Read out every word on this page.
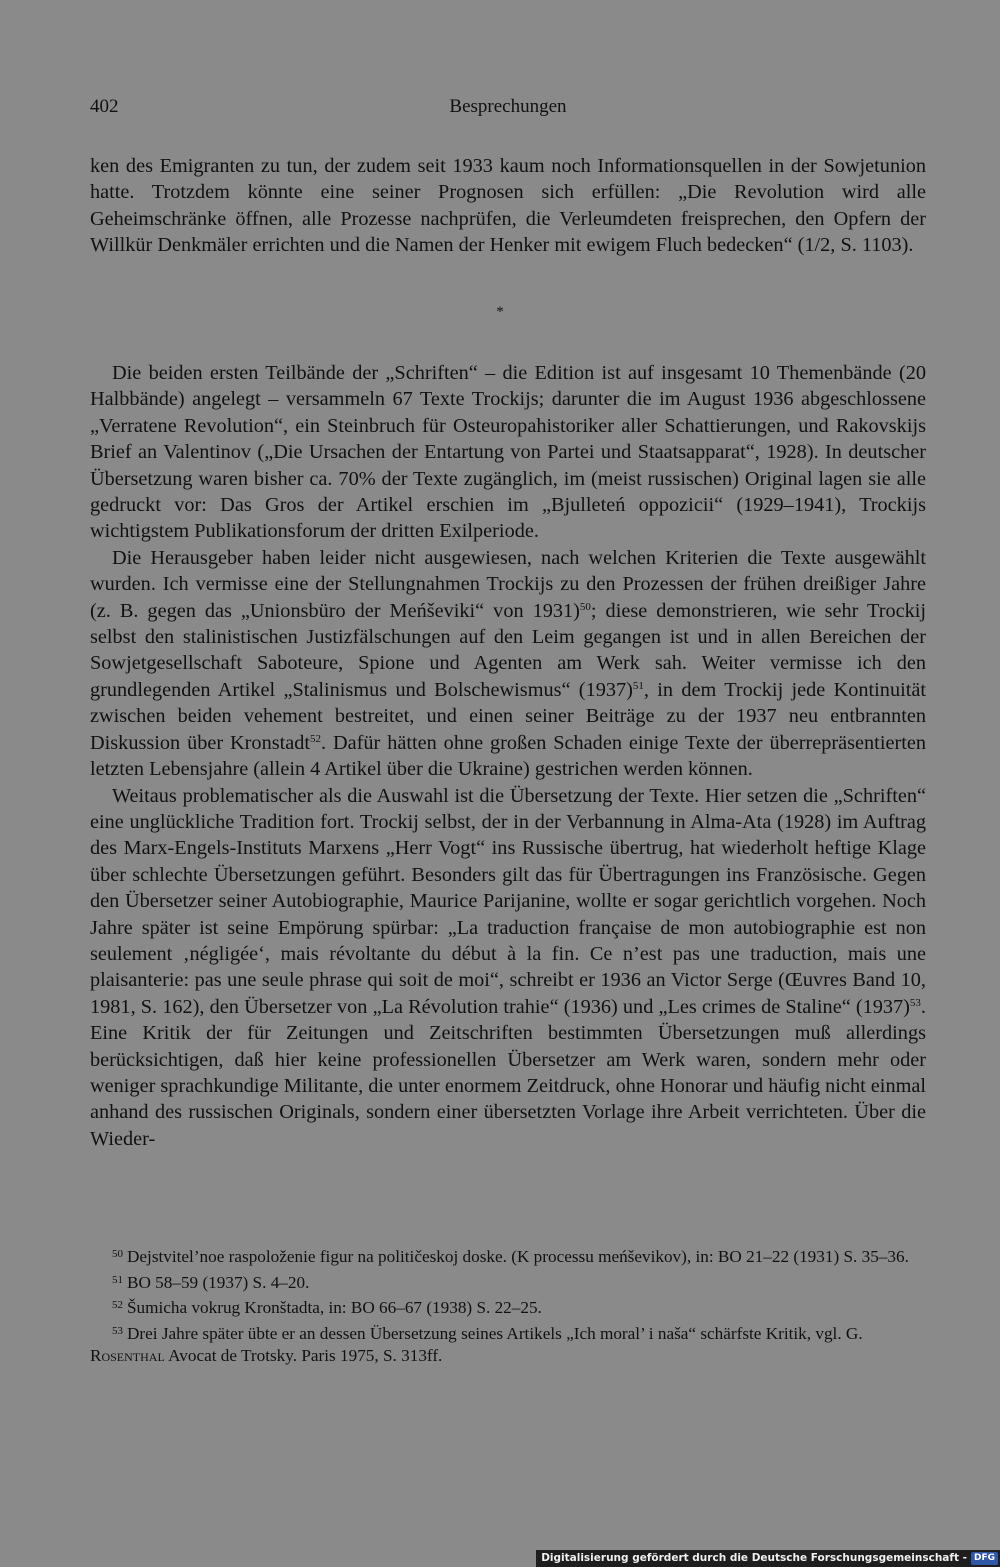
402	Besprechungen

ken des Emigranten zu tun, der zudem seit 1933 kaum noch Informationsquellen in der Sowjetunion hatte. Trotzdem könnte eine seiner Prognosen sich erfüllen: „Die Revolution wird alle Geheimschränke öffnen, alle Prozesse nachprüfen, die Verleumdeten freisprechen, den Opfern der Willkür Denkmäler errichten und die Namen der Henker mit ewigem Fluch bedecken“ (1/2, S. 1103).

*

Die beiden ersten Teilbände der „Schriften“ – die Edition ist auf insgesamt 10 Themenbände (20 Halbbände) angelegt – versammeln 67 Texte Trockijs; darunter die im August 1936 abgeschlossene „Verratene Revolution“, ein Steinbruch für Osteuropahistoriker aller Schattierungen, und Rakovskijs Brief an Valentinov („Die Ursachen der Entartung von Partei und Staatsapparat“, 1928). In deutscher Übersetzung waren bisher ca. 70% der Texte zugänglich, im (meist russischen) Original lagen sie alle gedruckt vor: Das Gros der Artikel erschien im „Bjulleteń oppozicii“ (1929–1941), Trockijs wichtigstem Publikationsforum der dritten Exilperiode.

Die Herausgeber haben leider nicht ausgewiesen, nach welchen Kriterien die Texte ausgewählt wurden. Ich vermisse eine der Stellungnahmen Trockijs zu den Prozessen der frühen dreißiger Jahre (z. B. gegen das „Unionsbüro der Meńševiki“ von 1931)$^{50}$; diese demonstrieren, wie sehr Trockij selbst den stalinistischen Justizfälschungen auf den Leim gegangen ist und in allen Bereichen der Sowjetgesellschaft Saboteure, Spione und Agenten am Werk sah. Weiter vermisse ich den grundlegenden Artikel „Stalinismus und Bolschewismus“ $(1937)^{51}$, in dem Trockij jede Kontinuität zwischen beiden vehement bestreitet, und einen seiner Beiträge zu der 1937 neu entbrannten Diskussion über Kronstadt$^{52}$. Dafür hätten ohne großen Schaden einige Texte der überrepräsentierten letzten Lebensjahre (allein 4 Artikel über die Ukraine) gestrichen werden können.

Weitaus problematischer als die Auswahl ist die Übersetzung der Texte. Hier setzen die „Schriften“ eine unglückliche Tradition fort. Trockij selbst, der in der Verbannung in Alma-Ata (1928) im Auftrag des Marx-Engels-Instituts Marxens „Herr Vogt“ ins Russische übertrug, hat wiederholt heftige Klage über schlechte Übersetzungen geführt. Besonders gilt das für Übertragungen ins Französische. Gegen den Übersetzer seiner Autobiographie, Maurice Parijanine, wollte er sogar gerichtlich vorgehen. Noch Jahre später ist seine Empörung spürbar: „La traduction française de mon autobiographie est non seulement ‚négligée‘, mais révoltante du début à la fin. Ce n’est pas une traduction, mais une plaisanterie: pas une seule phrase qui soit de moi“, schreibt er 1936 an Victor Serge (Œuvres Band 10, 1981, S. 162), den Übersetzer von „La Révolution trahie“ (1936) und „Les crimes de Staline“ $(1937)^{53}$. Eine Kritik der für Zeitungen und Zeitschriften bestimmten Übersetzungen muß allerdings berücksichtigen, daß hier keine professionellen Übersetzer am Werk waren, sondern mehr oder weniger sprachkundige Militante, die unter enormem Zeitdruck, ohne Honorar und häufig nicht einmal anhand des russischen Originals, sondern einer übersetzten Vorlage ihre Arbeit verrichteten. Über die Wieder-

$^{50}$ Dejstvitel’noe raspoloženie figur na političeskoj doske. (K processu meńševikov), in: BO 21–22 (1931) S. 35–36.

$^{51}$ BO 58–59 (1937) S. 4–20.

$^{52}$ Šumicha vokrug Kronštadta, in: BO 66–67 (1938) S. 22–25.

$^{53}$ Drei Jahre später übte er an dessen Übersetzung seines Artikels „Ich moral’ i naša“ schärfste Kritik, vgl. G. Rosenthal Avocat de Trotsky. Paris 1975, S. 313ff.

Digitalisierung gefördert durch die Deutsche Forschungsgemeinschaft - DFG
